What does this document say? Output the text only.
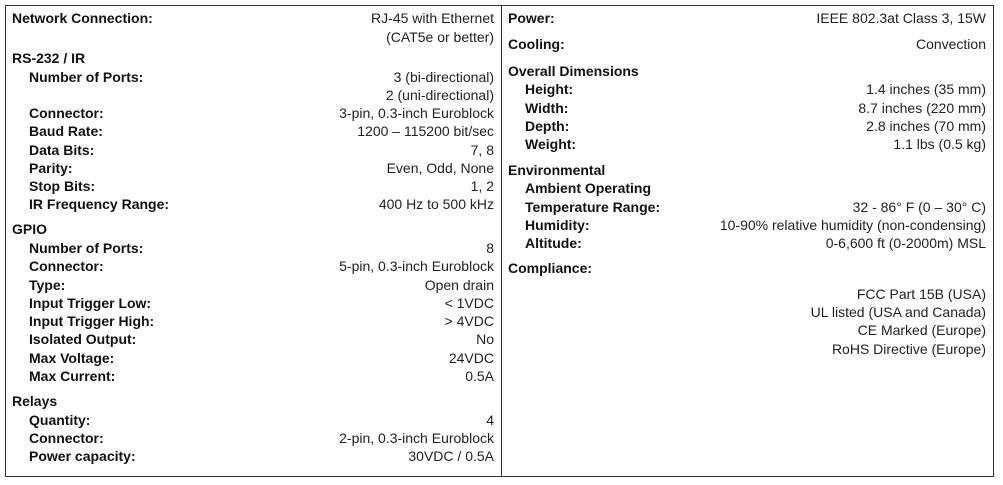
Network Connection:	RJ-45 with Ethernet
(CAT5e or better)
RS-232 / IR
Number of Ports:	3 (bi-directional)
2 (uni-directional)
Connector:	3-pin, 0.3-inch Euroblock
Baud Rate:	1200 – 115200 bit/sec
Data Bits:	7, 8
Parity:	Even, Odd, None
Stop Bits:	1, 2
IR Frequency Range:	400 Hz to 500 kHz
GPIO
Number of Ports:	8
Connector:	5-pin, 0.3-inch Euroblock
Type:	Open drain
Input Trigger Low:	< 1VDC
Input Trigger High:	> 4VDC
Isolated Output:	No
Max Voltage:	24VDC
Max Current:	0.5A
Relays
Quantity:	4
Connector:	2-pin, 0.3-inch Euroblock
Power capacity:	30VDC / 0.5A
Power:	IEEE 802.3at Class 3, 15W
Cooling:	Convection
Overall Dimensions
Height:	1.4 inches (35 mm)
Width:	8.7 inches (220 mm)
Depth:	2.8 inches (70 mm)
Weight:	1.1 lbs (0.5 kg)
Environmental
Ambient Operating
Temperature Range:	32 - 86° F (0 – 30° C)
Humidity:	10-90% relative humidity (non-condensing)
Altitude:	0-6,600 ft (0-2000m) MSL
Compliance:
FCC Part 15B (USA)
UL listed (USA and Canada)
CE Marked (Europe)
RoHS Directive (Europe)
